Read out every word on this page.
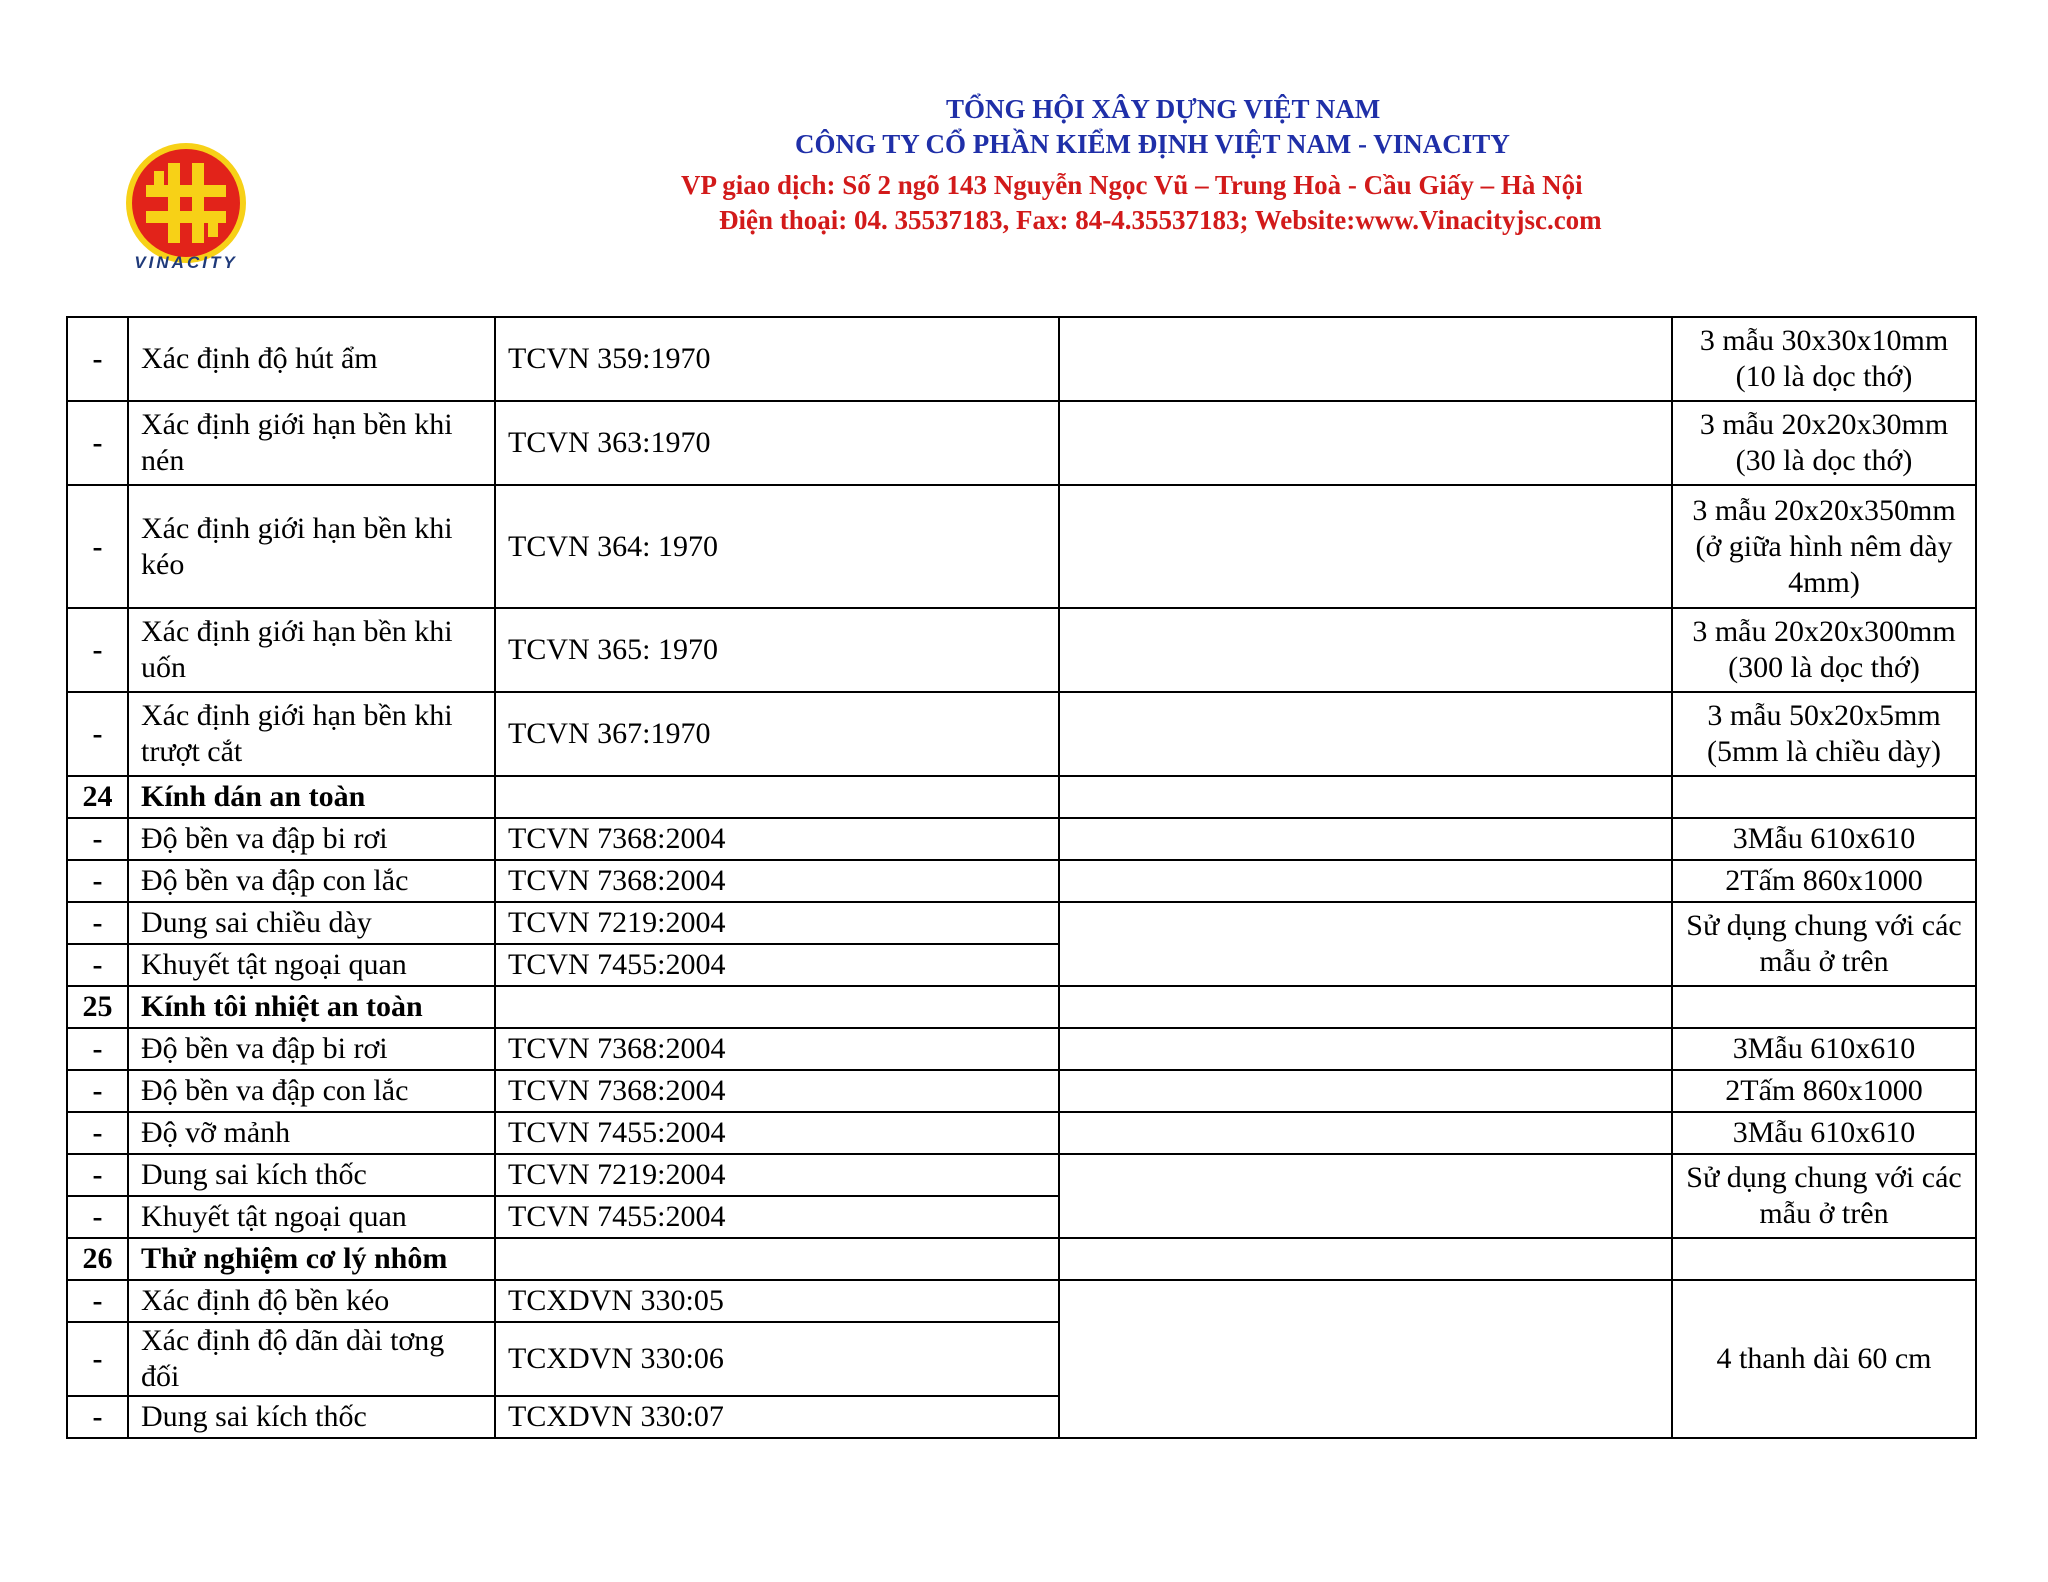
VINACITY
TỔNG HỘI XÂY DỰNG VIỆT NAM
CÔNG TY CỔ PHẦN KIỂM ĐỊNH VIỆT NAM - VINACITY
VP giao dịch: Số 2 ngõ 143 Nguyễn Ngọc Vũ – Trung Hoà - Cầu Giấy – Hà Nội
Điện thoại: 04. 35537183, Fax: 84-4.35537183; Website:www.Vinacityjsc.com
-	Xác định độ hút ẩm	TCVN 359:1970		3 mẫu 30x30x10mm (10 là dọc thớ)
-	Xác định giới hạn bền khi nén	TCVN 363:1970		3 mẫu 20x20x30mm (30 là dọc thớ)
-	Xác định giới hạn bền khi kéo	TCVN 364: 1970		3 mẫu 20x20x350mm (ở giữa hình nêm dày 4mm)
-	Xác định giới hạn bền khi uốn	TCVN 365: 1970		3 mẫu 20x20x300mm (300 là dọc thớ)
-	Xác định giới hạn bền khi trượt cắt	TCVN 367:1970		3 mẫu 50x20x5mm (5mm là chiều dày)
24	Kính dán an toàn			
-	Độ bền va đập bi rơi	TCVN 7368:2004		3Mẫu 610x610
-	Độ bền va đập con lắc	TCVN 7368:2004		2Tấm 860x1000
-	Dung sai chiều dày	TCVN 7219:2004		Sử dụng chung với các mẫu ở trên
-	Khuyết tật ngoại quan	TCVN 7455:2004		
25	Kính tôi nhiệt an toàn			
-	Độ bền va đập bi rơi	TCVN 7368:2004		3Mẫu 610x610
-	Độ bền va đập con lắc	TCVN 7368:2004		2Tấm 860x1000
-	Độ vỡ mảnh	TCVN 7455:2004		3Mẫu 610x610
-	Dung sai kích thốc	TCVN 7219:2004		Sử dụng chung với các mẫu ở trên
-	Khuyết tật ngoại quan	TCVN 7455:2004		
26	Thử nghiệm cơ lý nhôm			
-	Xác định độ bền kéo	TCXDVN 330:05		4 thanh dài 60 cm
-	Xác định độ dãn dài tơng đối	TCXDVN 330:06		
-	Dung sai kích thốc	TCXDVN 330:07		
